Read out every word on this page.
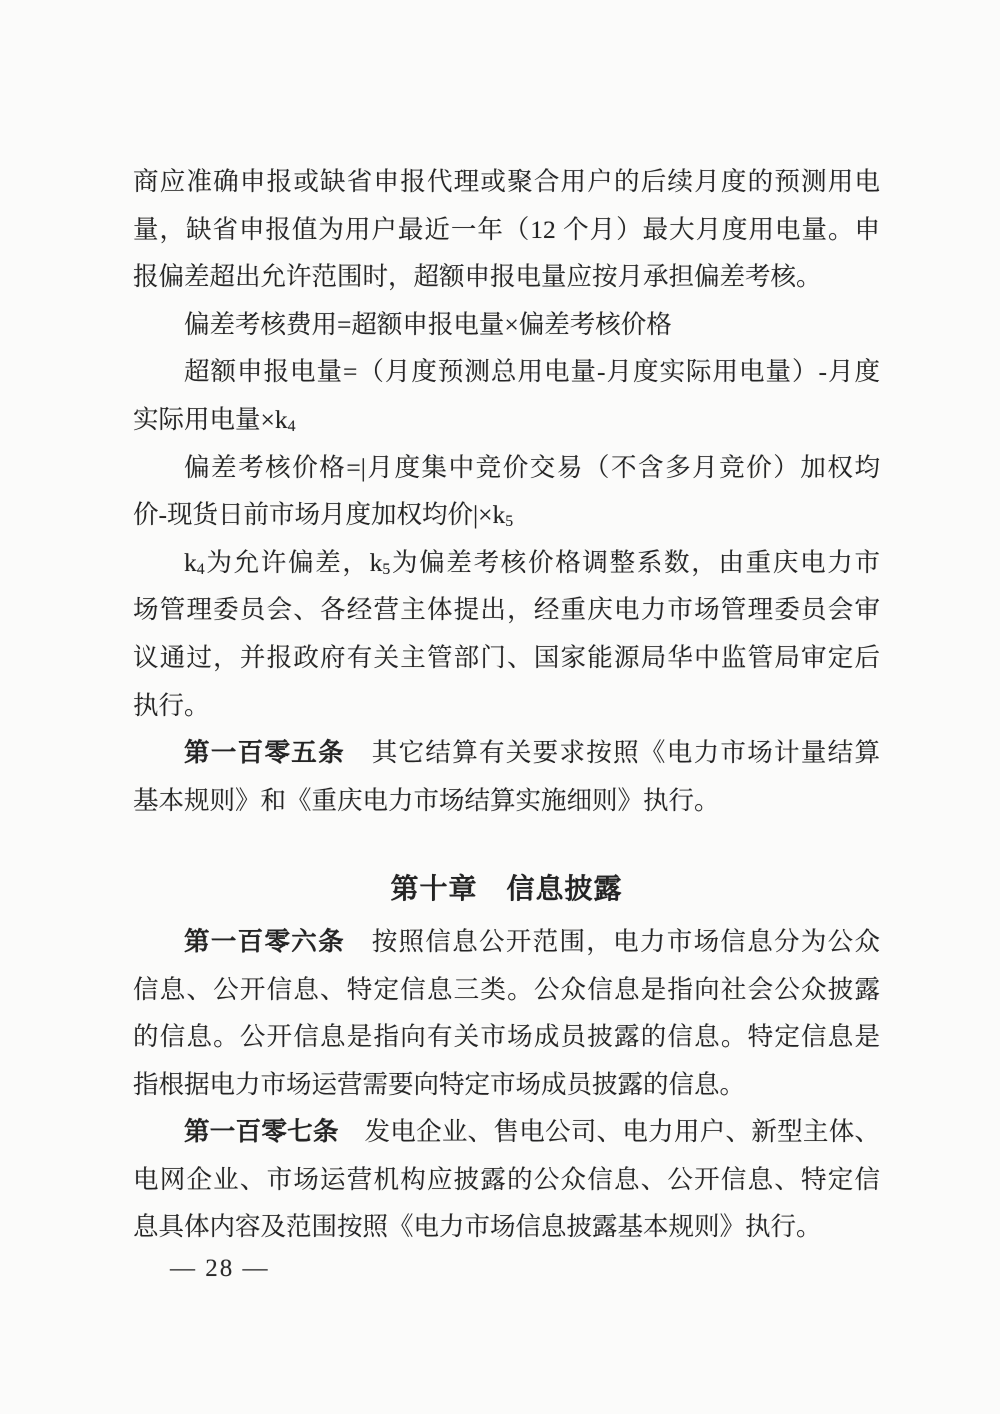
商应准确申报或缺省申报代理或聚合用户的后续月度的预测用电
量，缺省申报值为用户最近一年（12 个月）最大月度用电量。申
报偏差超出允许范围时，超额申报电量应按月承担偏差考核。
偏差考核费用=超额申报电量×偏差考核价格
超额申报电量=（月度预测总用电量-月度实际用电量）-月度
实际用电量$\times k_4$
偏差考核价格=|月度集中竞价交易（不含多月竞价）加权均
价-现货日前市场月度加权均价$|\times k_5$
$k_4$为允许偏差，$k_5$为偏差考核价格调整系数，由重庆电力市
场管理委员会、各经营主体提出，经重庆电力市场管理委员会审
议通过，并报政府有关主管部门、国家能源局华中监管局审定后
执行。
第一百零五条　其它结算有关要求按照《电力市场计量结算
基本规则》和《重庆电力市场结算实施细则》执行。
第十章　信息披露
第一百零六条　按照信息公开范围，电力市场信息分为公众
信息、公开信息、特定信息三类。公众信息是指向社会公众披露
的信息。公开信息是指向有关市场成员披露的信息。特定信息是
指根据电力市场运营需要向特定市场成员披露的信息。
第一百零七条　发电企业、售电公司、电力用户、新型主体、
电网企业、市场运营机构应披露的公众信息、公开信息、特定信
息具体内容及范围按照《电力市场信息披露基本规则》执行。
— 28 —
